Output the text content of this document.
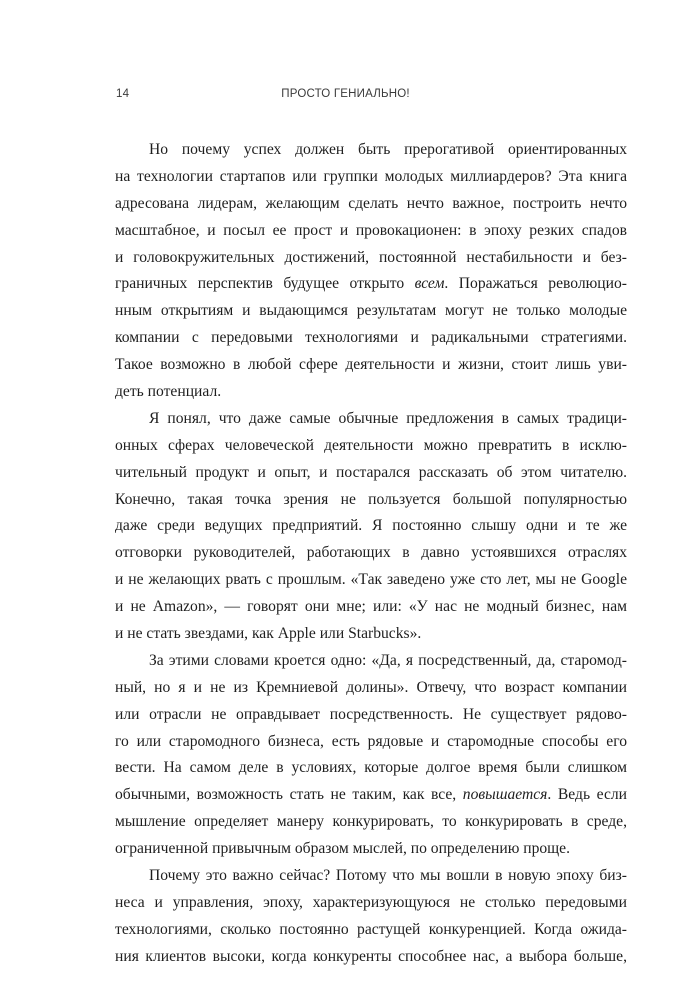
14	ПРОСТО ГЕНИАЛЬНО!
Но почему успех должен быть прерогативой ориентированных
на технологии стартапов или группки молодых миллиардеров? Эта книга
адресована лидерам, желающим сделать нечто важное, построить нечто
масштабное, и посыл ее прост и провокационен: в эпоху резких спадов
и головокружительных достижений, постоянной нестабильности и без-
граничных перспектив будущее открыто всем. Поражаться революцио-
нным открытиям и выдающимся результатам могут не только молодые
компании с передовыми технологиями и радикальными стратегиями.
Такое возможно в любой сфере деятельности и жизни, стоит лишь уви-
деть потенциал.
Я понял, что даже самые обычные предложения в самых традици-
онных сферах человеческой деятельности можно превратить в исклю-
чительный продукт и опыт, и постарался рассказать об этом читателю.
Конечно, такая точка зрения не пользуется большой популярностью
даже среди ведущих предприятий. Я постоянно слышу одни и те же
отговорки руководителей, работающих в давно устоявшихся отраслях
и не желающих рвать с прошлым. «Так заведено уже сто лет, мы не Google
и не Amazon», — говорят они мне; или: «У нас не модный бизнес, нам
и не стать звездами, как Apple или Starbucks».
За этими словами кроется одно: «Да, я посредственный, да, старомод-
ный, но я и не из Кремниевой долины». Отвечу, что возраст компании
или отрасли не оправдывает посредственность. Не существует рядово-
го или старомодного бизнеса, есть рядовые и старомодные способы его
вести. На самом деле в условиях, которые долгое время были слишком
обычными, возможность стать не таким, как все, повышается. Ведь если
мышление определяет манеру конкурировать, то конкурировать в среде,
ограниченной привычным образом мыслей, по определению проще.
Почему это важно сейчас? Потому что мы вошли в новую эпоху биз-
неса и управления, эпоху, характеризующуюся не столько передовыми
технологиями, сколько постоянно растущей конкуренцией. Когда ожида-
ния клиентов высоки, когда конкуренты способнее нас, а выбора больше,
